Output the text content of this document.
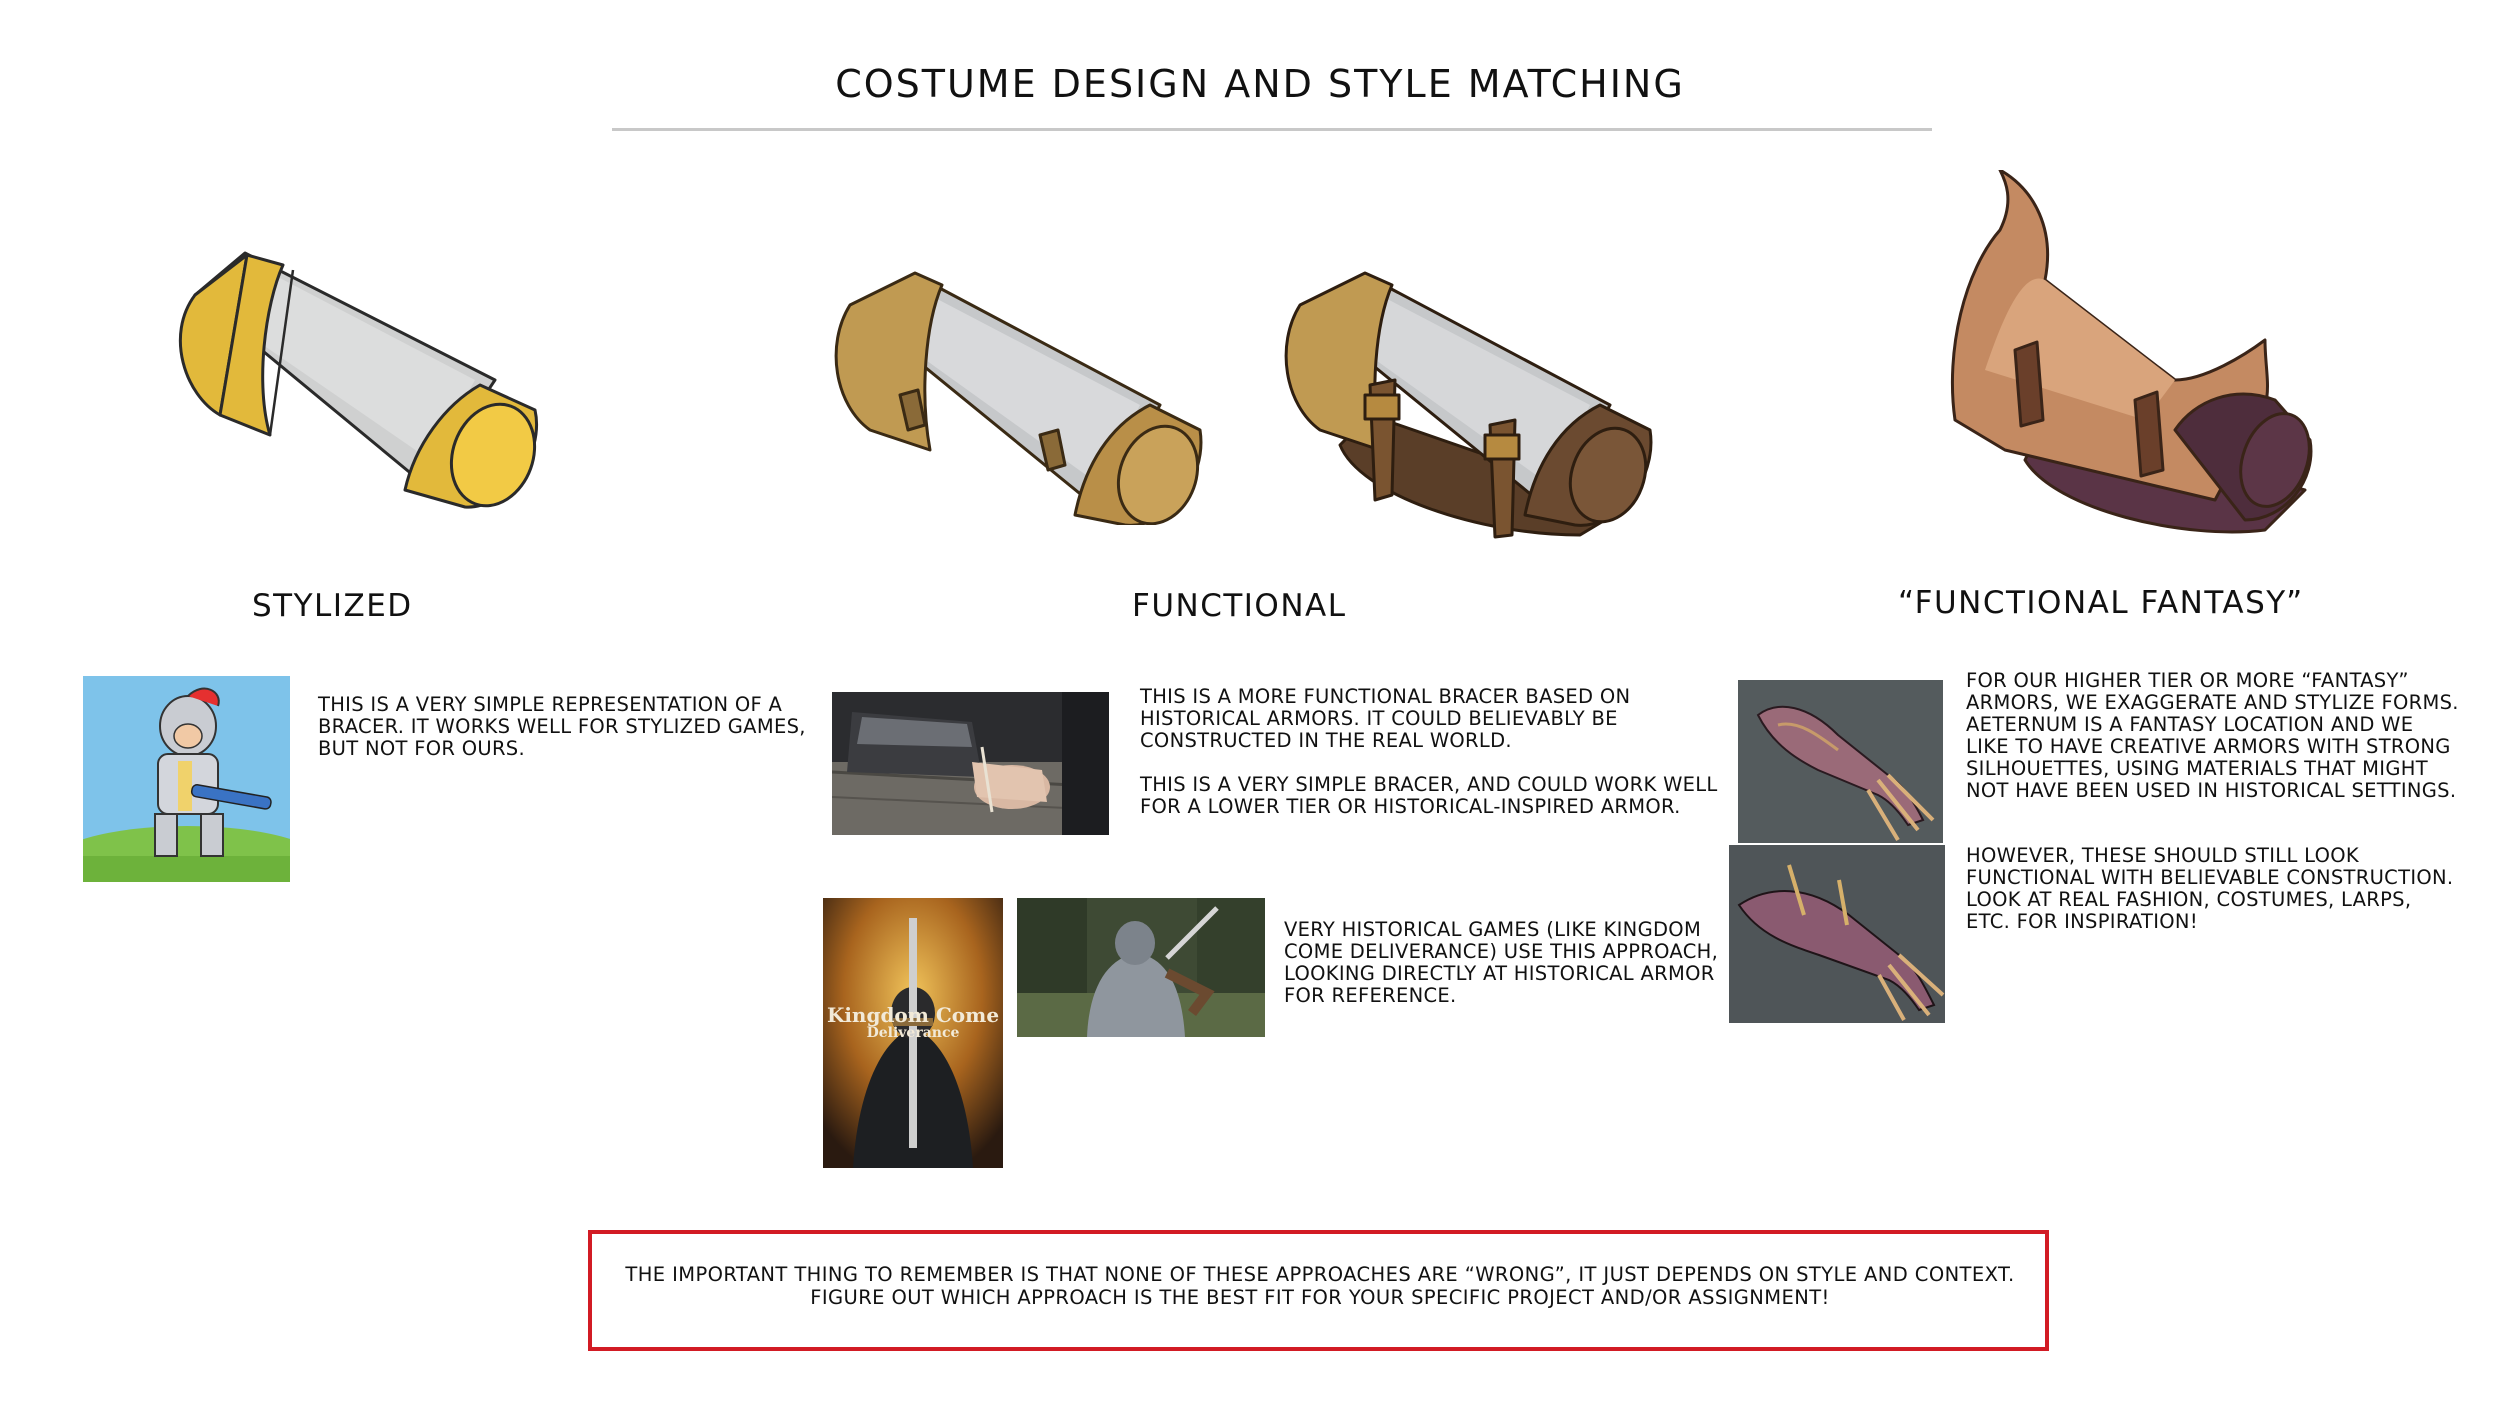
COSTUME DESIGN AND STYLE MATCHING
STYLIZED

THIS IS A VERY SIMPLE REPRESENTATION OF A
BRACER. IT WORKS WELL FOR STYLIZED GAMES,
BUT NOT FOR OURS.

FUNCTIONAL

THIS IS A MORE FUNCTIONAL BRACER BASED ON
HISTORICAL ARMORS. IT COULD BELIEVABLY BE
CONSTRUCTED IN THE REAL WORLD.

THIS IS A VERY SIMPLE BRACER, AND COULD WORK WELL
FOR A LOWER TIER OR HISTORICAL-INSPIRED ARMOR.

Kingdom Come
Deliverance

VERY HISTORICAL GAMES (LIKE KINGDOM
COME DELIVERANCE) USE THIS APPROACH,
LOOKING DIRECTLY AT HISTORICAL ARMOR
FOR REFERENCE.

“FUNCTIONAL FANTASY”

FOR OUR HIGHER TIER OR MORE “FANTASY”
ARMORS, WE EXAGGERATE AND STYLIZE FORMS.
AETERNUM IS A FANTASY LOCATION AND WE
LIKE TO HAVE CREATIVE ARMORS WITH STRONG
SILHOUETTES, USING MATERIALS THAT MIGHT
NOT HAVE BEEN USED IN HISTORICAL SETTINGS.

HOWEVER, THESE SHOULD STILL LOOK
FUNCTIONAL WITH BELIEVABLE CONSTRUCTION.
LOOK AT REAL FASHION, COSTUMES, LARPS,
ETC. FOR INSPIRATION!

THE IMPORTANT THING TO REMEMBER IS THAT NONE OF THESE APPROACHES ARE “WRONG”, IT JUST DEPENDS ON STYLE AND CONTEXT.
FIGURE OUT WHICH APPROACH IS THE BEST FIT FOR YOUR SPECIFIC PROJECT AND/OR ASSIGNMENT!
